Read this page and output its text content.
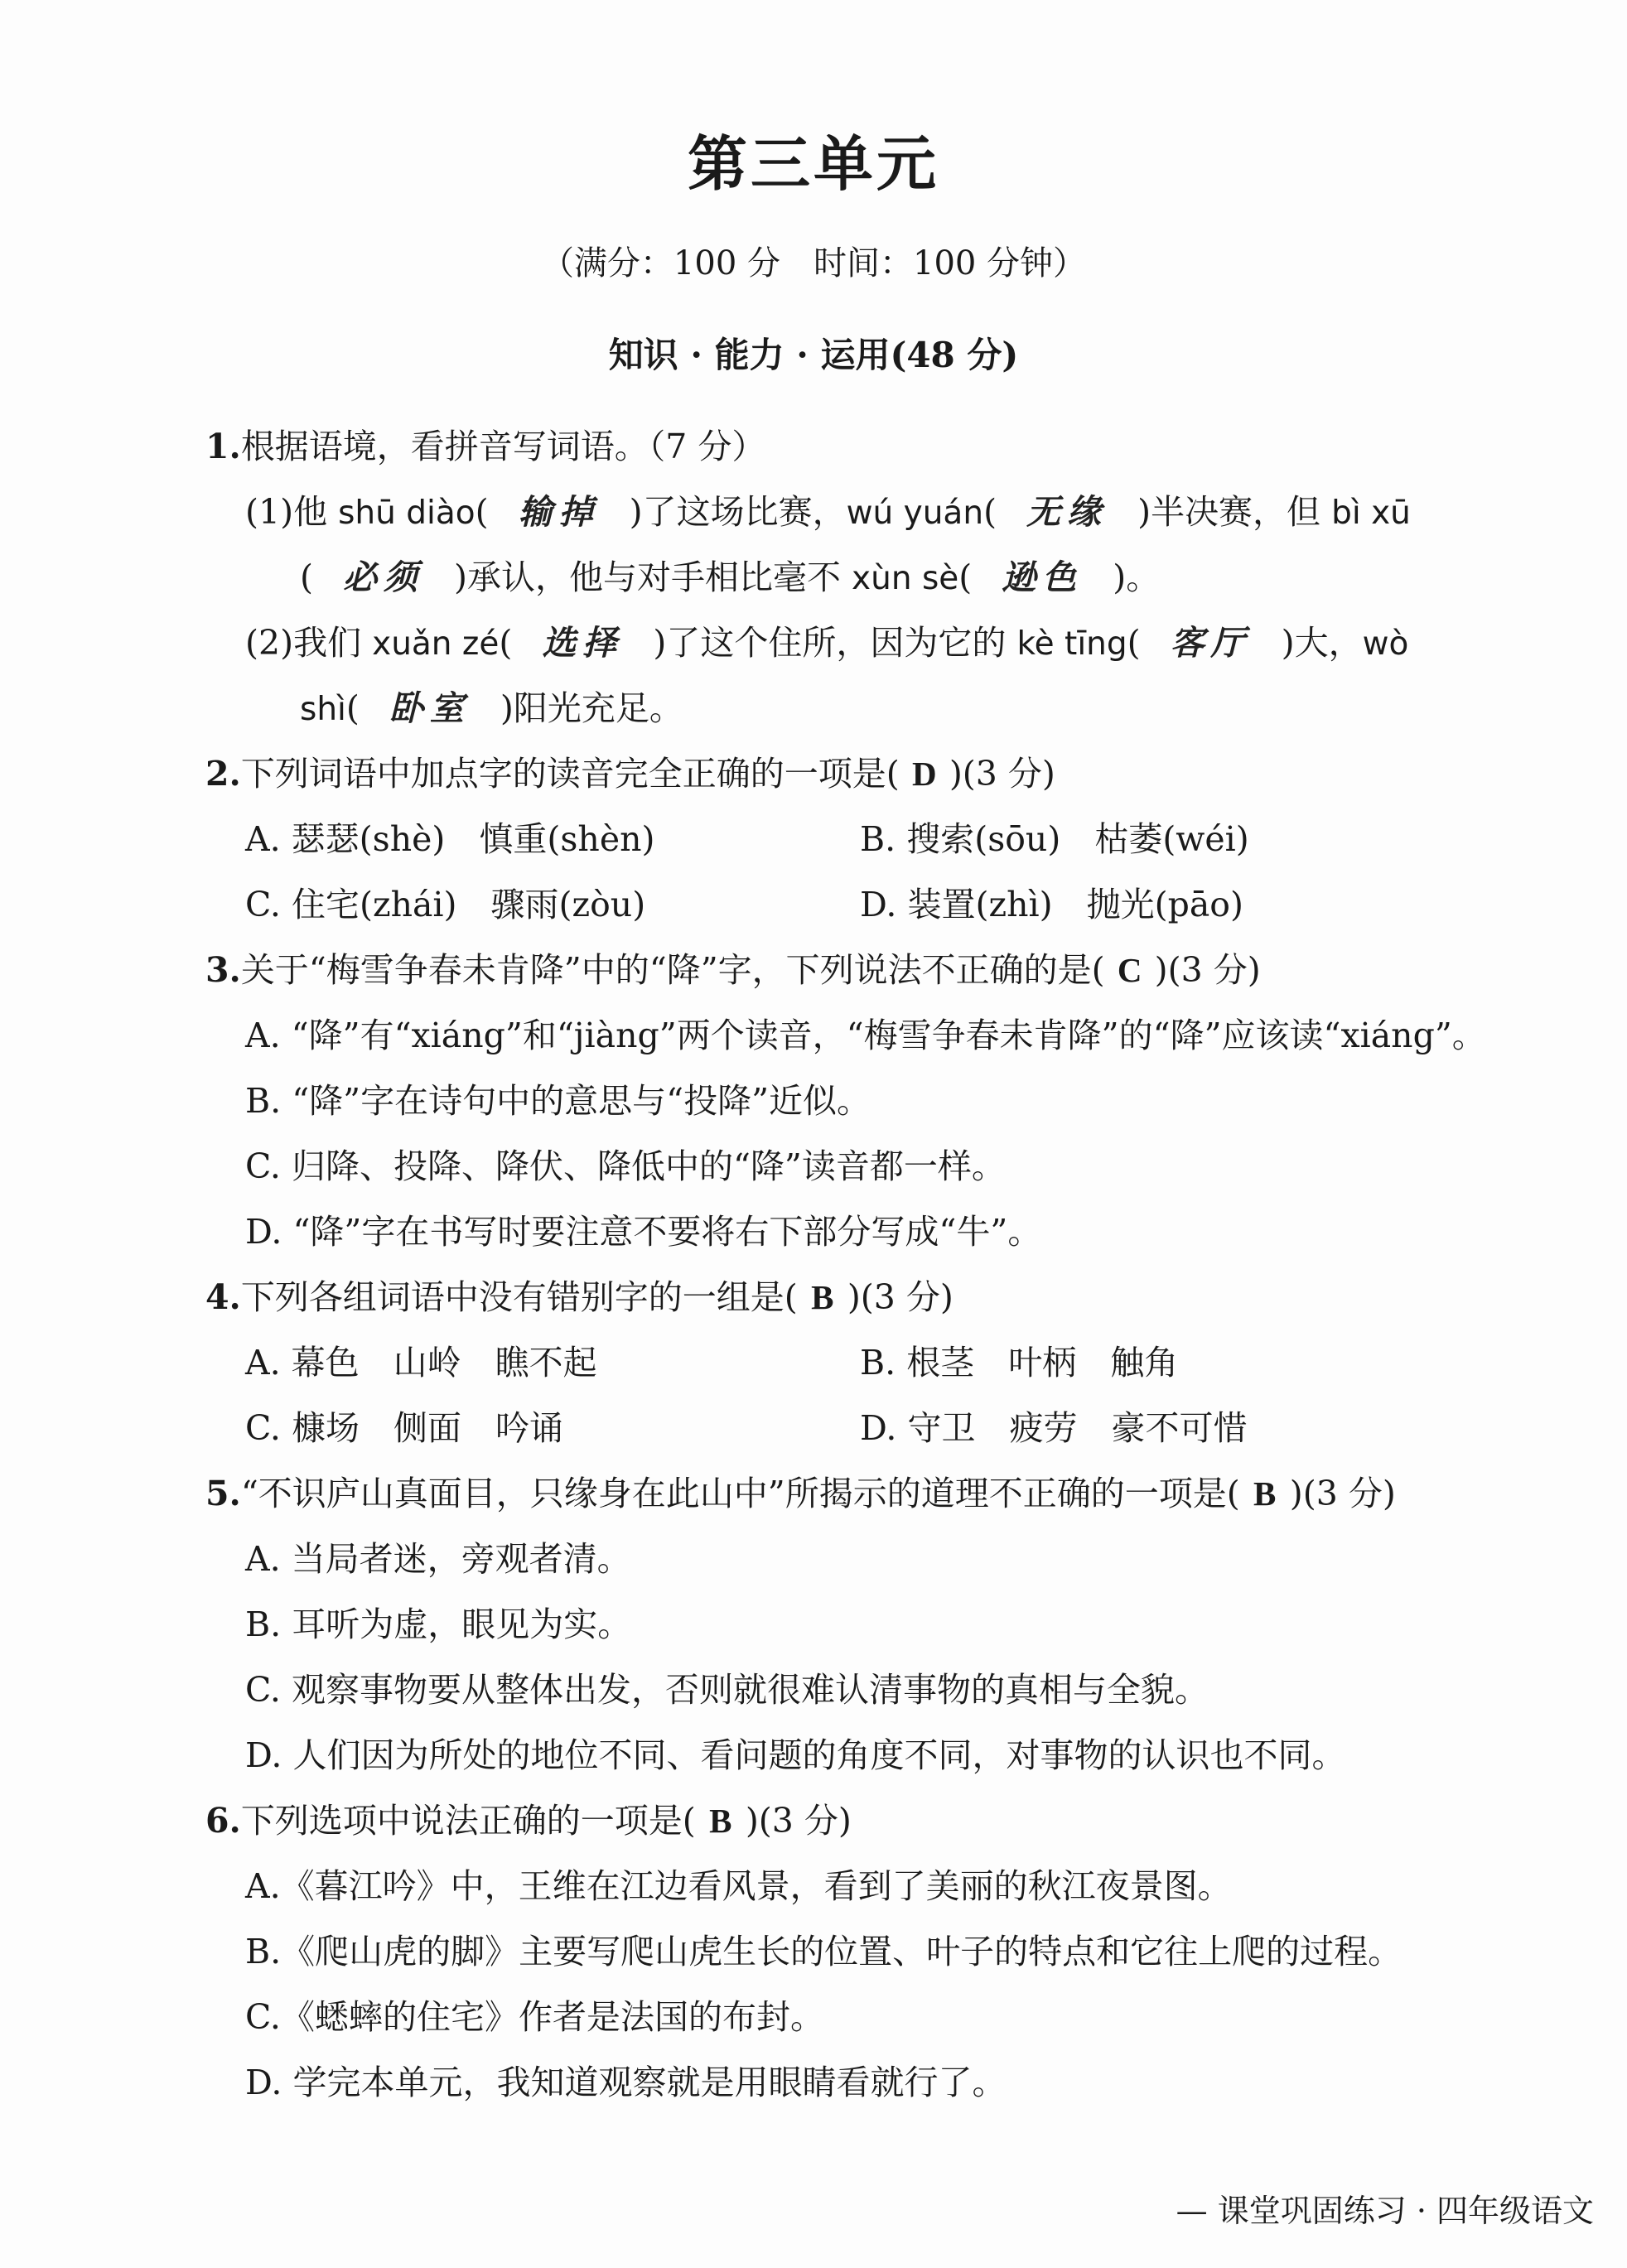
第三单元
（满分：100 分　时间：100 分钟）
知识 · 能力 · 运用(48 分)
1.根据语境，看拼音写词语。（7 分）
(1)他 shū diào( 输掉 )了这场比赛，wú yuán( 无缘 )半决赛，但 bì xū
( 必须 )承认，他与对手相比毫不 xùn sè( 逊色 )。
(2)我们 xuǎn zé( 选择 )了这个住所，因为它的 kè tīng( 客厅 )大，wò
shì( 卧室 )阳光充足。
2.下列词语中加点字的读音完全正确的一项是( D )(3 分)
A. 瑟瑟(shè)　慎重(shèn)	B. 搜索(sōu)　枯萎(wéi)
C. 住宅(zhái)　骤雨(zòu)	D. 装置(zhì)　抛光(pāo)
3.关于“梅雪争春未肯降”中的“降”字，下列说法不正确的是( C )(3 分)
A. “降”有“xiáng”和“jiàng”两个读音，“梅雪争春未肯降”的“降”应该读“xiáng”。
B. “降”字在诗句中的意思与“投降”近似。
C. 归降、投降、降伏、降低中的“降”读音都一样。
D. “降”字在书写时要注意不要将右下部分写成“牛”。
4.下列各组词语中没有错别字的一组是( B )(3 分)
A. 幕色　山岭　瞧不起	B. 根茎　叶柄　触角
C. 槺场　侧面　吟诵	D. 守卫　疲劳　豪不可惜
5.“不识庐山真面目，只缘身在此山中”所揭示的道理不正确的一项是( B )(3 分)
A. 当局者迷，旁观者清。
B. 耳听为虚，眼见为实。
C. 观察事物要从整体出发，否则就很难认清事物的真相与全貌。
D. 人们因为所处的地位不同、看问题的角度不同，对事物的认识也不同。
6.下列选项中说法正确的一项是( B )(3 分)
A.《暮江吟》中，王维在江边看风景，看到了美丽的秋江夜景图。
B.《爬山虎的脚》主要写爬山虎生长的位置、叶子的特点和它往上爬的过程。
C.《蟋蟀的住宅》作者是法国的布封。
D. 学完本单元，我知道观察就是用眼睛看就行了。
— 课堂巩固练习 · 四年级语文
